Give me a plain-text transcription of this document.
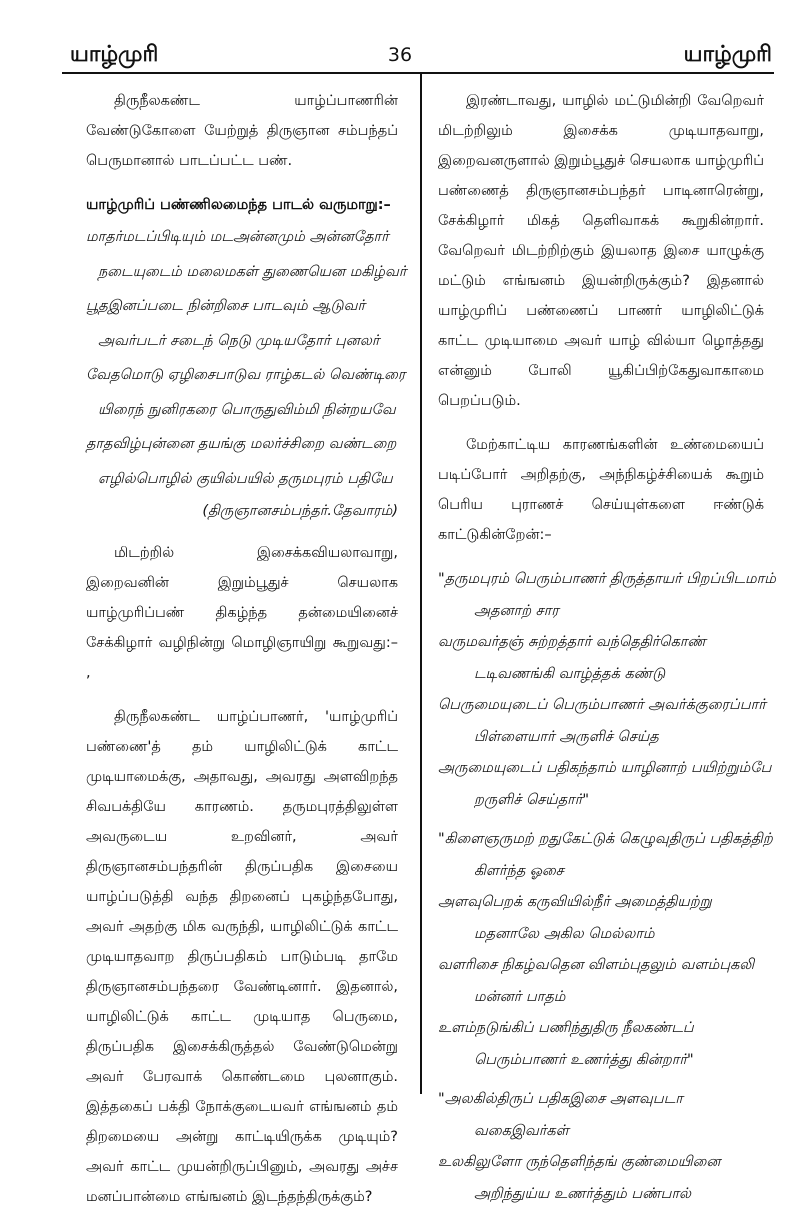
யாழ்முரி	36	யாழ்முரி

திருநீலகண்ட யாழ்ப்பாணரின் வேண்டுகோளை யேற்றுத் திருஞான சம்பந்தப் பெருமானால் பாடப்பட்ட பண்.

யாழ்முரிப் பண்ணிலமைந்த பாடல் வருமாறு:–

மாதர்மடப்பிடியும் மடஅன்னமும் அன்னதோர்

நடையுடைம் மலைமகள் துணையென மகிழ்வர்

பூதஇனப்படை நின்றிசை பாடவும் ஆடுவர்

அவர்படர் சடைந் நெடு முடியதோர் புனலர்

வேதமொடு ஏழிசைபாடுவ ராழ்கடல் வெண்டிரை

யிரைந் நுனிரகரை பொருதுவிம்மி நின்றயவே

தாதவிழ்புன்னை தயங்கு மலர்ச்சிறை வண்டறை

எழில்பொழில் குயில்பயில் தருமபுரம் பதியே

(திருஞானசம்பந்தர்.தேவாரம்)

மிடற்றில் இசைக்கவியலாவாறு, இறைவனின் இறும்பூதுச் செயலாக யாழ்முரிப்பண் திகழ்ந்த தன்மையினைச் சேக்கிழார் வழிநின்று மொழிஞாயிறு கூறுவது:– ,

திருநீலகண்ட யாழ்ப்பாணர், 'யாழ்முரிப் பண்ணை'த் தம் யாழிலிட்டுக் காட்ட முடியாமைக்கு, அதாவது, அவரது அளவிறந்த சிவபக்தியே காரணம். தருமபுரத்திலுள்ள அவருடைய உறவினர், அவர் திருஞானசம்பந்தரின் திருப்பதிக இசையை யாழ்ப்படுத்தி வந்த திறனைப் புகழ்ந்தபோது, அவர் அதற்கு மிக வருந்தி, யாழிலிட்டுக் காட்ட முடியாதவாற திருப்பதிகம் பாடும்படி தாமே திருஞானசம்பந்தரை வேண்டினார். இதனால், யாழிலிட்டுக் காட்ட முடியாத பெருமை, திருப்பதிக இசைக்கிருத்தல் வேண்டுமென்று அவர் பேரவாக் கொண்டமை புலனாகும். இத்தகைப் பக்தி நோக்குடையவர் எங்ஙனம் தம் திறமையை அன்று காட்டியிருக்க முடியும்? அவர் காட்ட முயன்றிருப்பினும், அவரது அச்ச மனப்பான்மை எங்ஙனம் இடந்தந்திருக்கும்?

இரண்டாவது, யாழில் மட்டுமின்றி வேறெவர் மிடற்றிலும் இசைக்க முடியாதவாறு, இறைவனருளால் இறும்பூதுச் செயலாக யாழ்முரிப் பண்ணைத் திருஞானசம்பந்தர் பாடினாரென்று, சேக்கிழார் மிகத் தெளிவாகக் கூறுகின்றார். வேறெவர் மிடற்றிற்கும் இயலாத இசை யாழுக்கு மட்டும் எங்ஙனம் இயன்றிருக்கும்? இதனால் யாழ்முரிப் பண்ணைப் பாணர் யாழிலிட்டுக் காட்ட முடியாமை அவர் யாழ் வில்யா ழொத்தது என்னும் போலி யூகிப்பிற்கேதுவாகாமை பெறப்படும்.

மேற்காட்டிய காரணங்களின் உண்மையைப் படிப்போர் அறிதற்கு, அந்நிகழ்ச்சியைக் கூறும் பெரிய புராணச் செய்யுள்களை ஈண்டுக் காட்டுகின்றேன்:–

"தருமபுரம் பெரும்பாணர் திருத்தாயர் பிறப்பிடமாம்

அதனாற் சார

வருமவர்தஞ் சுற்றத்தார் வந்தெதிர்கொண்

டடிவணங்கி வாழ்த்தக் கண்டு

பெருமையுடைப் பெரும்பாணர் அவர்க்குரைப்பார்

பிள்ளையார் அருளிச் செய்த

அருமையுடைப் பதிகந்தாம் யாழினாற் பயிற்றும்பே

றருளிச் செய்தார்"

"கிளைஞருமற் றதுகேட்டுக் கெழுவுதிருப் பதிகத்திற்

கிளர்ந்த ஓசை

அளவுபெறக் கருவியில்நீர் அமைத்தியற்று

மதனாலே அகில மெல்லாம்

வளரிசை நிகழ்வதென விளம்புதலும் வளம்புகலி

மன்னர் பாதம்

உளம்நடுங்கிப் பணிந்துதிரு நீலகண்டப்

பெரும்பாணர் உணர்த்து கின்றார்"

"அலகில்திருப் பதிகஇசை அளவுபடா

வகைஇவர்கள்

உலகிலுளோ ருந்தெளிந்தங் குண்மையினை

அறிந்துய்ய உணர்த்தும் பண்பால்
